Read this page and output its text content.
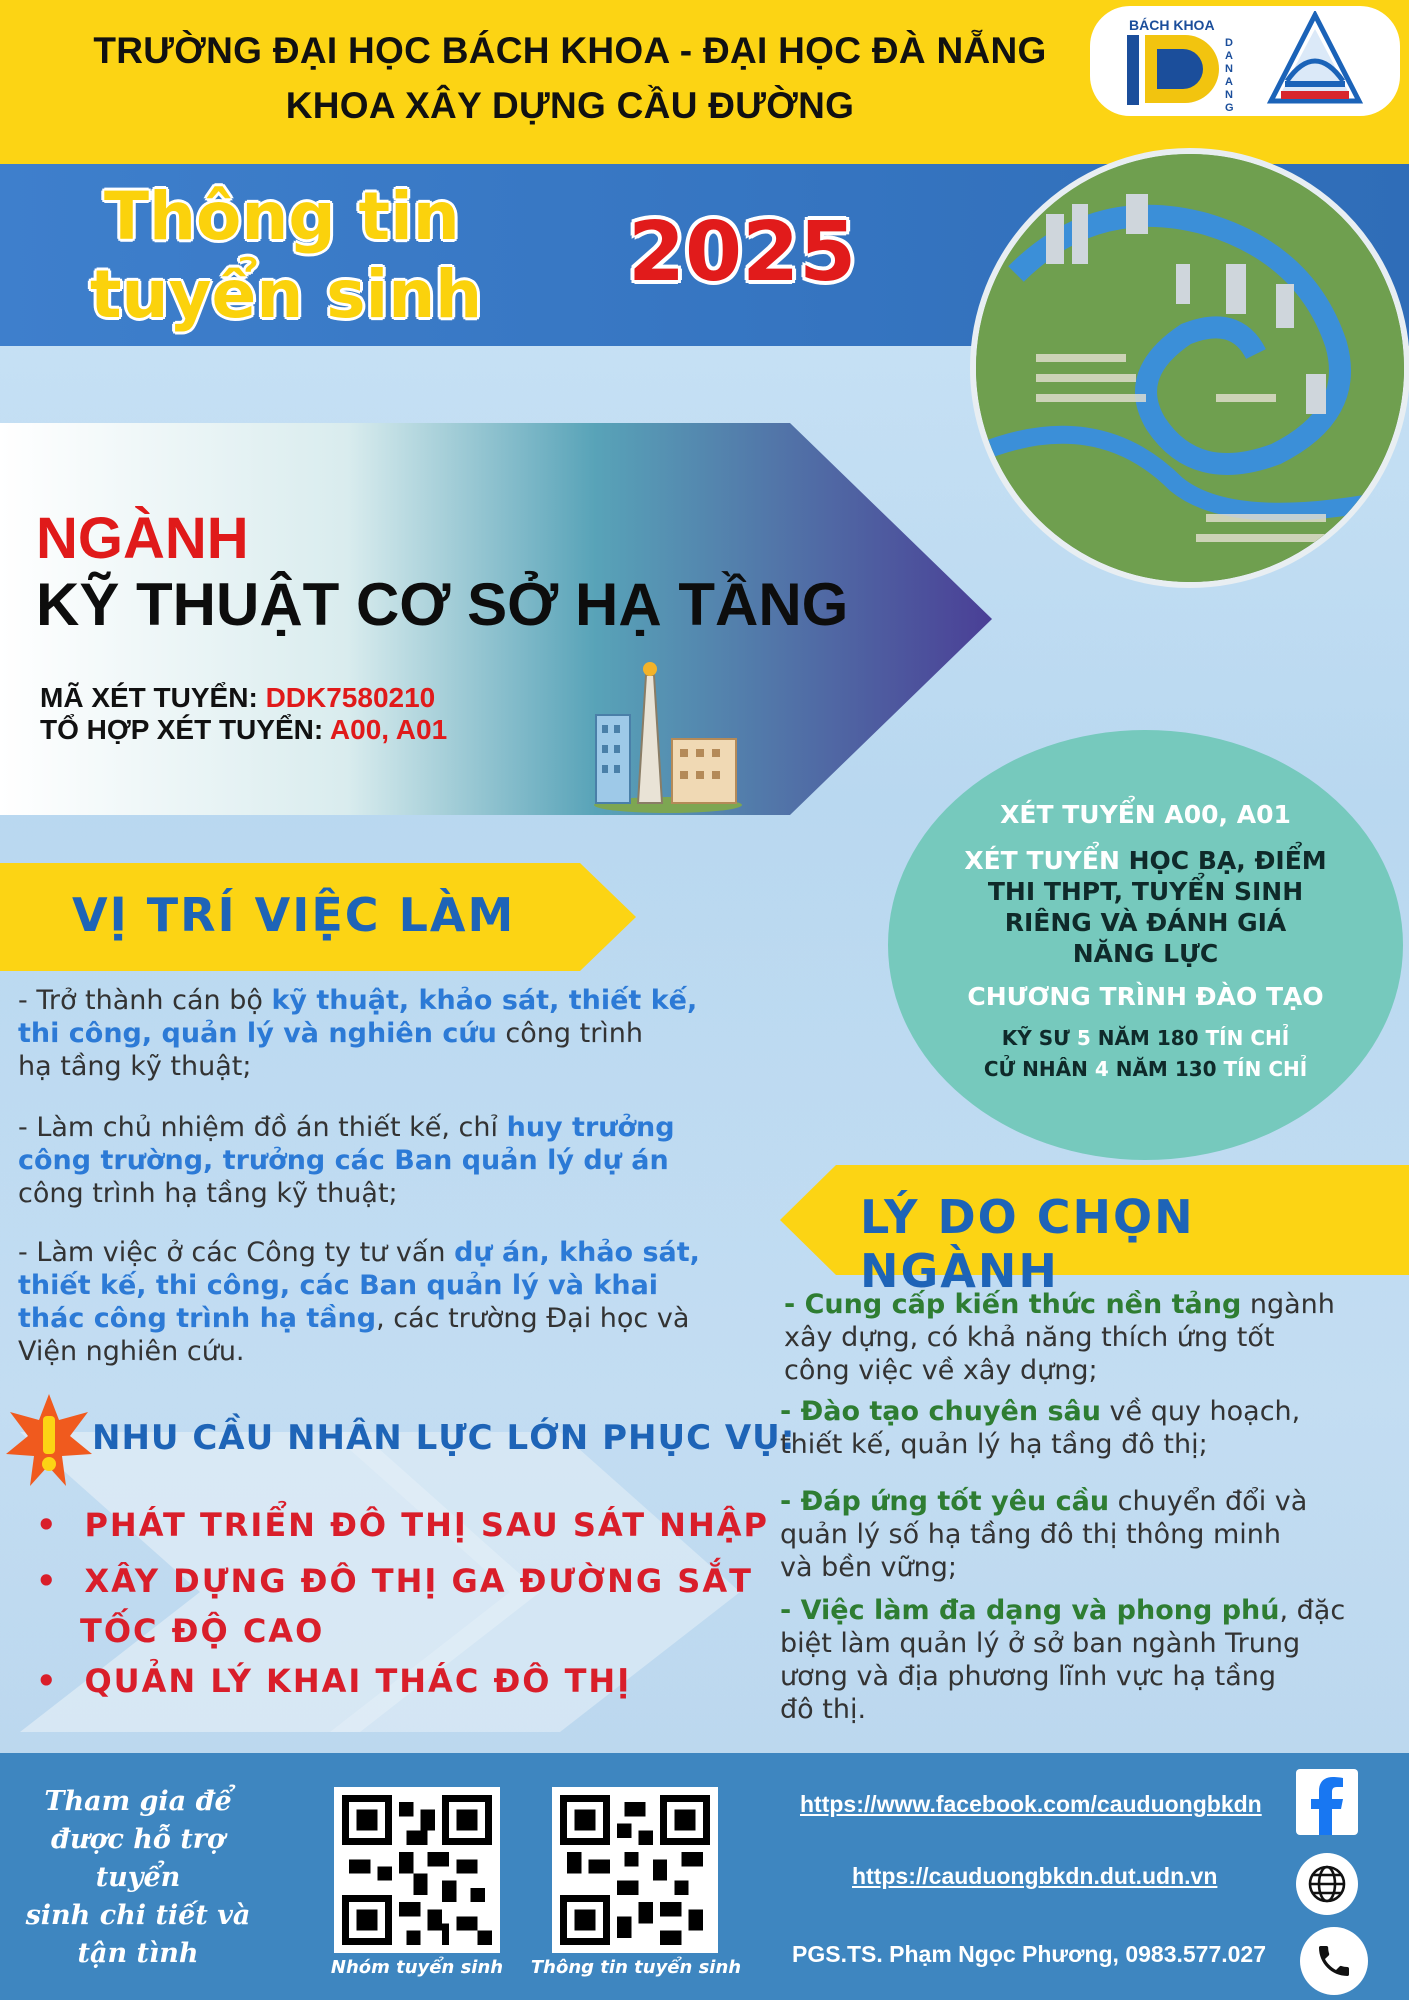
TRƯỜNG ĐẠI HỌC BÁCH KHOA - ĐẠI HỌC ĐÀ NẴNG
KHOA XÂY DỰNG CẦU ĐƯỜNG
BÁCH KHOA
DANANG
Thông tin
tuyển sinh 2025
NGÀNH
KỸ THUẬT CƠ SỞ HẠ TẦNG
MÃ XÉT TUYỂN: DDK7580210
TỔ HỢP XÉT TUYỂN: A00, A01
XÉT TUYỂN A00, A01
XÉT TUYỂN HỌC BẠ, ĐIỂM
THI THPT, TUYỂN SINH
RIÊNG VÀ ĐÁNH GIÁ
NĂNG LỰC
CHƯƠNG TRÌNH ĐÀO TẠO
KỸ SƯ 5 NĂM 180 TÍN CHỈ
CỬ NHÂN 4 NĂM 130 TÍN CHỈ
VỊ TRÍ VIỆC LÀM
- Trở thành cán bộ kỹ thuật, khảo sát, thiết kế,
thi công, quản lý và nghiên cứu công trình
hạ tầng kỹ thuật;
- Làm chủ nhiệm đồ án thiết kế, chỉ huy trưởng
công trường, trưởng các Ban quản lý dự án
công trình hạ tầng kỹ thuật;
- Làm việc ở các Công ty tư vấn dự án, khảo sát,
thiết kế, thi công, các Ban quản lý và khai
thác công trình hạ tầng, các trường Đại học và
Viện nghiên cứu.
NHU CẦU NHÂN LỰC LỚN PHỤC VỤ:
• PHÁT TRIỂN ĐÔ THỊ SAU SÁT NHẬP
• XÂY DỰNG ĐÔ THỊ GA ĐƯỜNG SẮT
TỐC ĐỘ CAO
• QUẢN LÝ KHAI THÁC ĐÔ THỊ
LÝ DO CHỌN NGÀNH
- Cung cấp kiến thức nền tảng ngành
xây dựng, có khả năng thích ứng tốt
công việc về xây dựng;
- Đào tạo chuyên sâu về quy hoạch,
thiết kế, quản lý hạ tầng đô thị;
- Đáp ứng tốt yêu cầu chuyển đổi và
quản lý số hạ tầng đô thị thông minh
và bền vững;
- Việc làm đa dạng và phong phú, đặc
biệt làm quản lý ở sở ban ngành Trung
ương và địa phương lĩnh vực hạ tầng
đô thị.
Tham gia để
được hỗ trợ tuyển
sinh chi tiết và
tận tình	Nhóm tuyển sinh	Thông tin tuyển sinh
https://www.facebook.com/cauduongbkdn
https://cauduongbkdn.dut.udn.vn
PGS.TS. Phạm Ngọc Phương, 0983.577.027
